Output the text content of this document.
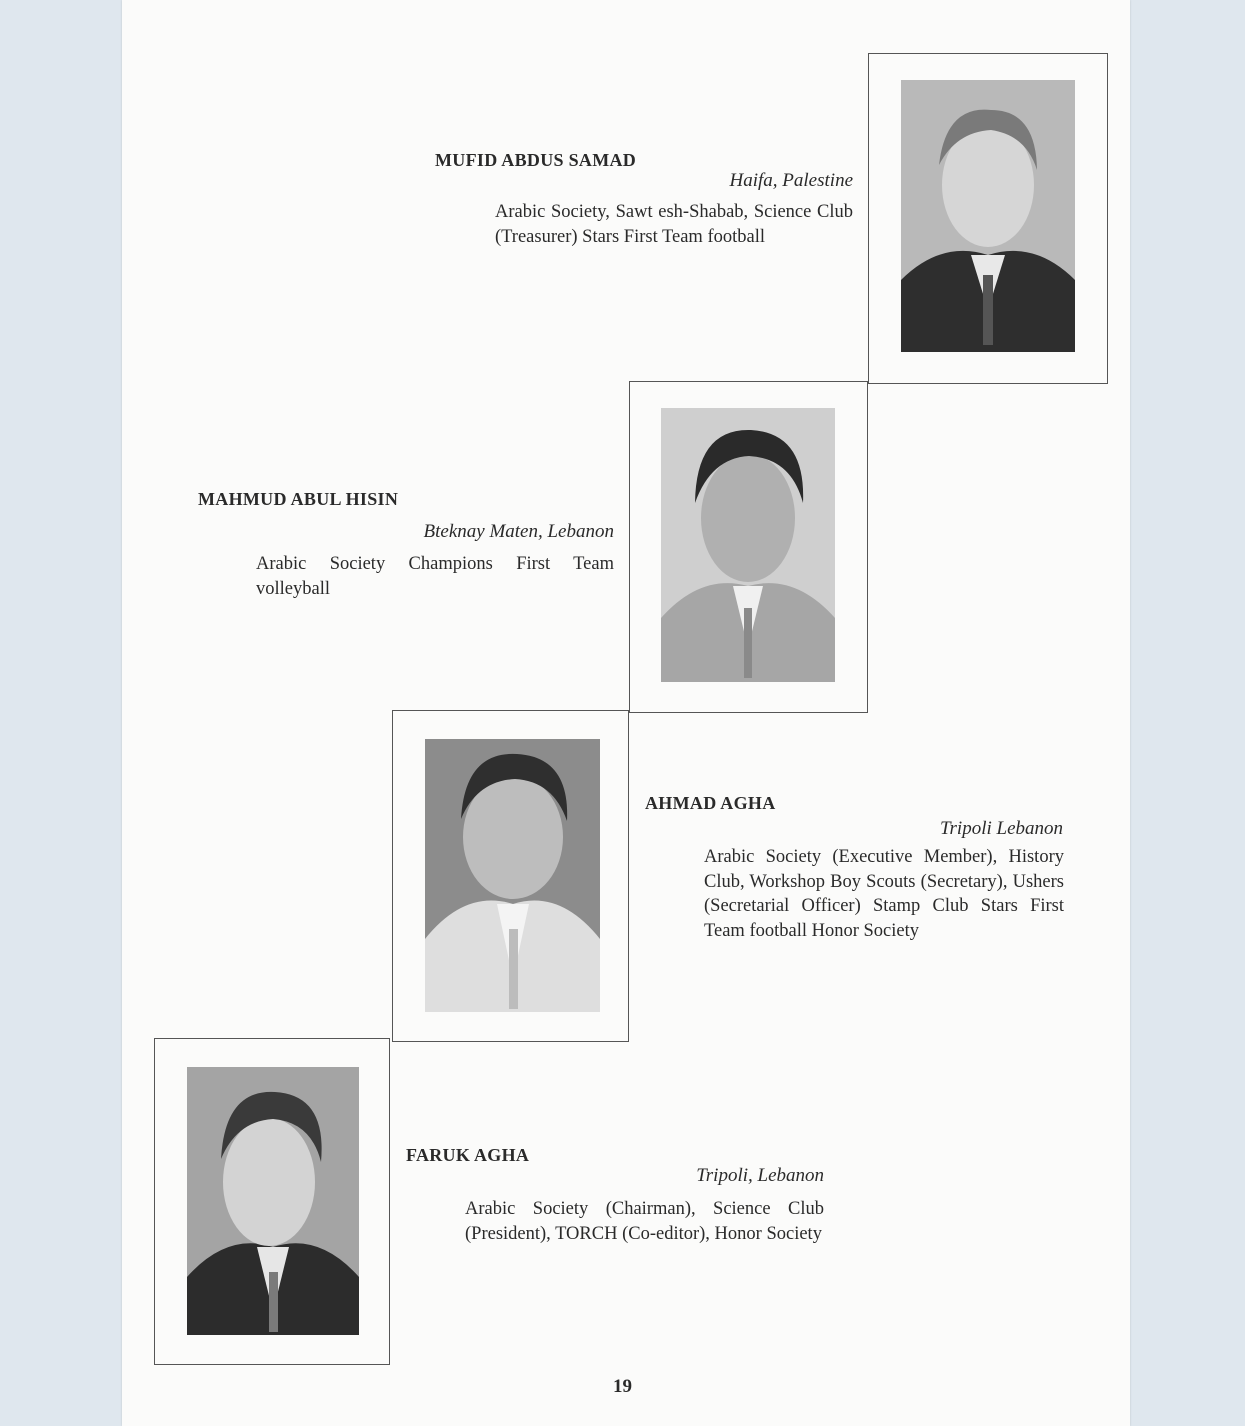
MUFID ABDUS SAMAD
Haifa, Palestine
Arabic Society, Sawt esh-Shabab, Science Club (Treasurer) Stars First Team football
MAHMUD ABUL HISIN
Bteknay Maten, Lebanon
Arabic Society Champions First Team volleyball
AHMAD AGHA
Tripoli Lebanon
Arabic Society (Executive Member), History Club, Workshop Boy Scouts (Secretary), Ushers (Secretarial Officer) Stamp Club Stars First Team football Honor Society
FARUK AGHA
Tripoli, Lebanon
Arabic Society (Chairman), Science Club (President), TORCH (Co-editor), Honor Society
19
